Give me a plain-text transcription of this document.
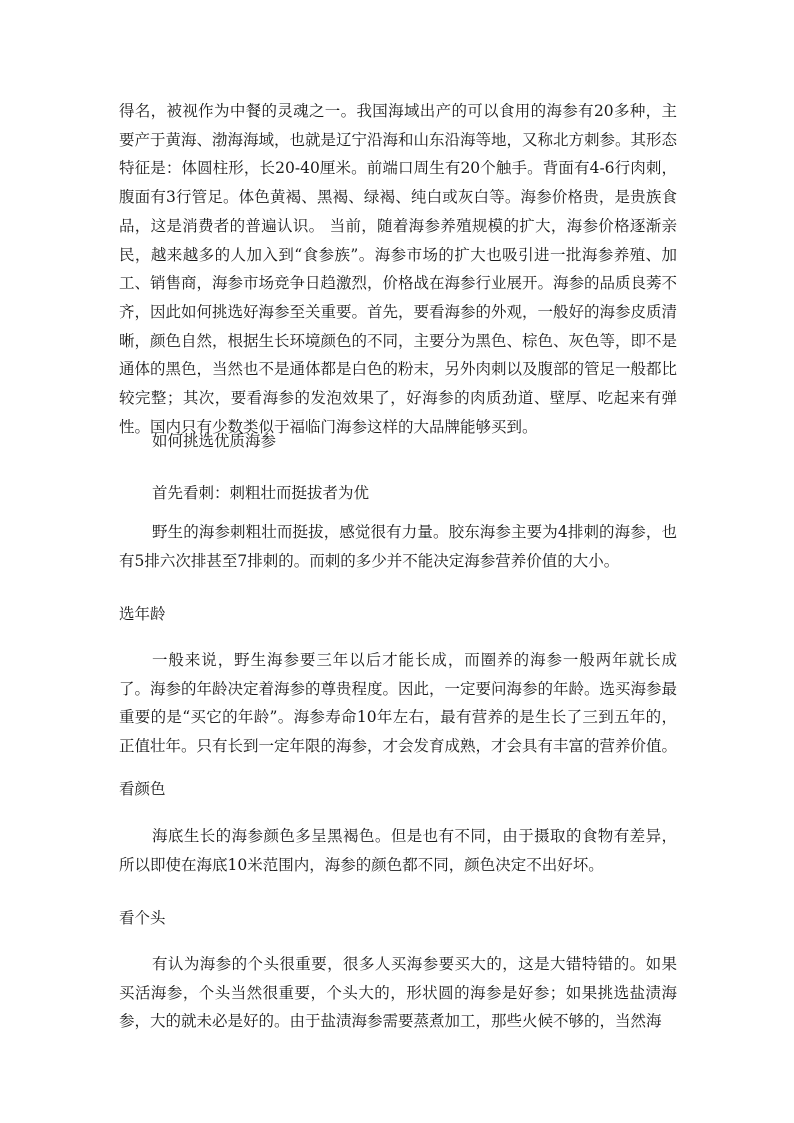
得名，被视作为中餐的灵魂之一。我国海域出产的可以食用的海参有20多种，主要产于黄海、渤海海域，也就是辽宁沿海和山东沿海等地，又称北方刺参。其形态特征是：体圆柱形，长20-40厘米。前端口周生有20个触手。背面有4-6行肉刺，腹面有3行管足。体色黄褐、黑褐、绿褐、纯白或灰白等。海参价格贵，是贵族食品，这是消费者的普遍认识。 当前，随着海参养殖规模的扩大，海参价格逐渐亲民，越来越多的人加入到“食参族”。海参市场的扩大也吸引进一批海参养殖、加工、销售商，海参市场竞争日趋激烈，价格战在海参行业展开。海参的品质良莠不齐，因此如何挑选好海参至关重要。首先，要看海参的外观，一般好的海参皮质清晰，颜色自然，根据生长环境颜色的不同，主要分为黑色、棕色、灰色等，即不是通体的黑色，当然也不是通体都是白色的粉末，另外肉刺以及腹部的管足一般都比较完整；其次，要看海参的发泡效果了，好海参的肉质劲道、壁厚、吃起来有弹性。国内只有少数类似于福临门海参这样的大品牌能够买到。

如何挑选优质海参

首先看刺：刺粗壮而挺拔者为优

野生的海参刺粗壮而挺拔，感觉很有力量。胶东海参主要为4排刺的海参，也有5排六次排甚至7排刺的。而刺的多少并不能决定海参营养价值的大小。

选年龄

一般来说，野生海参要三年以后才能长成，而圈养的海参一般两年就长成了。海参的年龄决定着海参的尊贵程度。因此，一定要问海参的年龄。选买海参最重要的是“买它的年龄”。海参寿命10年左右，最有营养的是生长了三到五年的，正值壮年。只有长到一定年限的海参，才会发育成熟，才会具有丰富的营养价值。

看颜色

海底生长的海参颜色多呈黑褐色。但是也有不同，由于摄取的食物有差异，所以即使在海底10米范围内，海参的颜色都不同，颜色决定不出好坏。

看个头

有认为海参的个头很重要，很多人买海参要买大的，这是大错特错的。如果买活海参，个头当然很重要，个头大的，形状圆的海参是好参；如果挑选盐渍海参，大的就未必是好的。由于盐渍海参需要蒸煮加工，那些火候不够的，当然海
